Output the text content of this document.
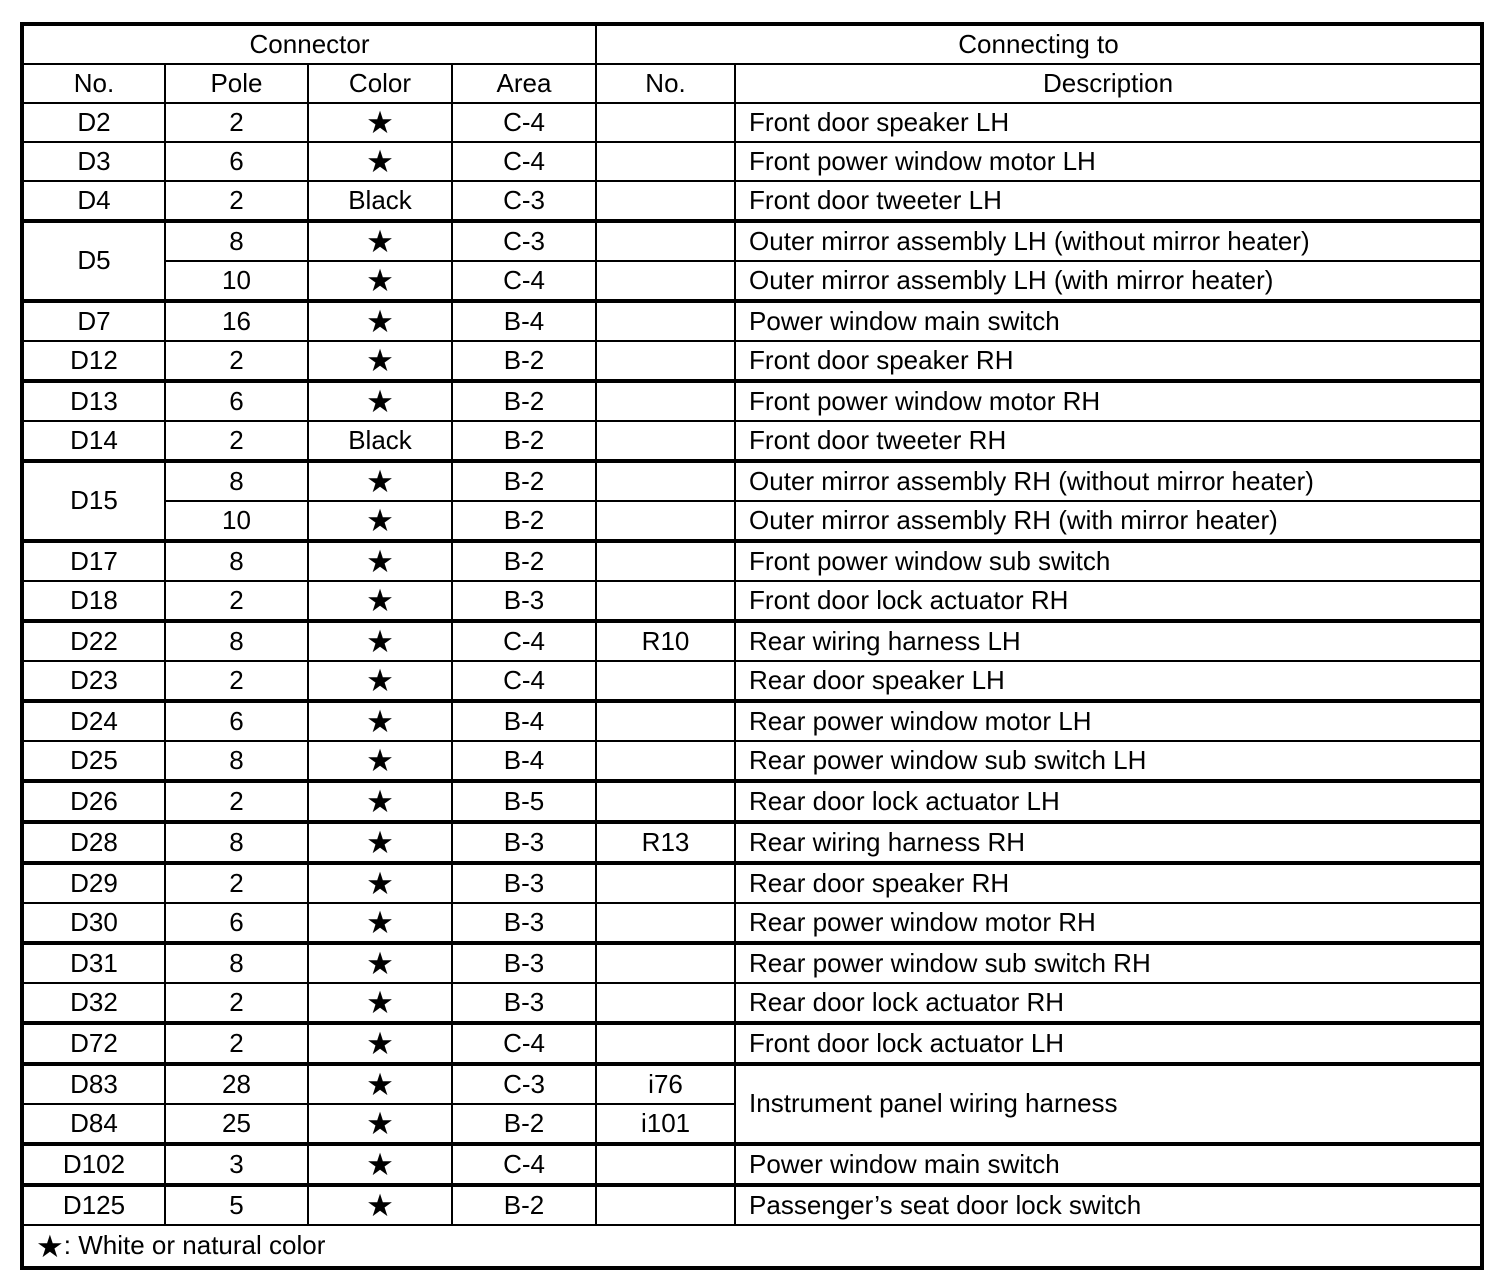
Connector				Connecting to	
No.	Pole	Color	Area	No.	Description
D2	2	★	C-4		Front door speaker LH
D3	6	★	C-4		Front power window motor LH
D4	2	Black	C-3		Front door tweeter LH
D5	8	★	C-3		Outer mirror assembly LH (without mirror heater)
	10	★	C-4		Outer mirror assembly LH (with mirror heater)
D7	16	★	B-4		Power window main switch
D12	2	★	B-2		Front door speaker RH
D13	6	★	B-2		Front power window motor RH
D14	2	Black	B-2		Front door tweeter RH
D15	8	★	B-2		Outer mirror assembly RH (without mirror heater)
	10	★	B-2		Outer mirror assembly RH (with mirror heater)
D17	8	★	B-2		Front power window sub switch
D18	2	★	B-3		Front door lock actuator RH
D22	8	★	C-4	R10	Rear wiring harness LH
D23	2	★	C-4		Rear door speaker LH
D24	6	★	B-4		Rear power window motor LH
D25	8	★	B-4		Rear power window sub switch LH
D26	2	★	B-5		Rear door lock actuator LH
D28	8	★	B-3	R13	Rear wiring harness RH
D29	2	★	B-3		Rear door speaker RH
D30	6	★	B-3		Rear power window motor RH
D31	8	★	B-3		Rear power window sub switch RH
D32	2	★	B-3		Rear door lock actuator RH
D72	2	★	C-4		Front door lock actuator LH
D83	28	★	C-3	i76	Instrument panel wiring harness
D84	25	★	B-2	i101	
D102	3	★	C-4		Power window main switch
D125	5	★	B-2		Passenger’s seat door lock switch
★: White or natural color					
